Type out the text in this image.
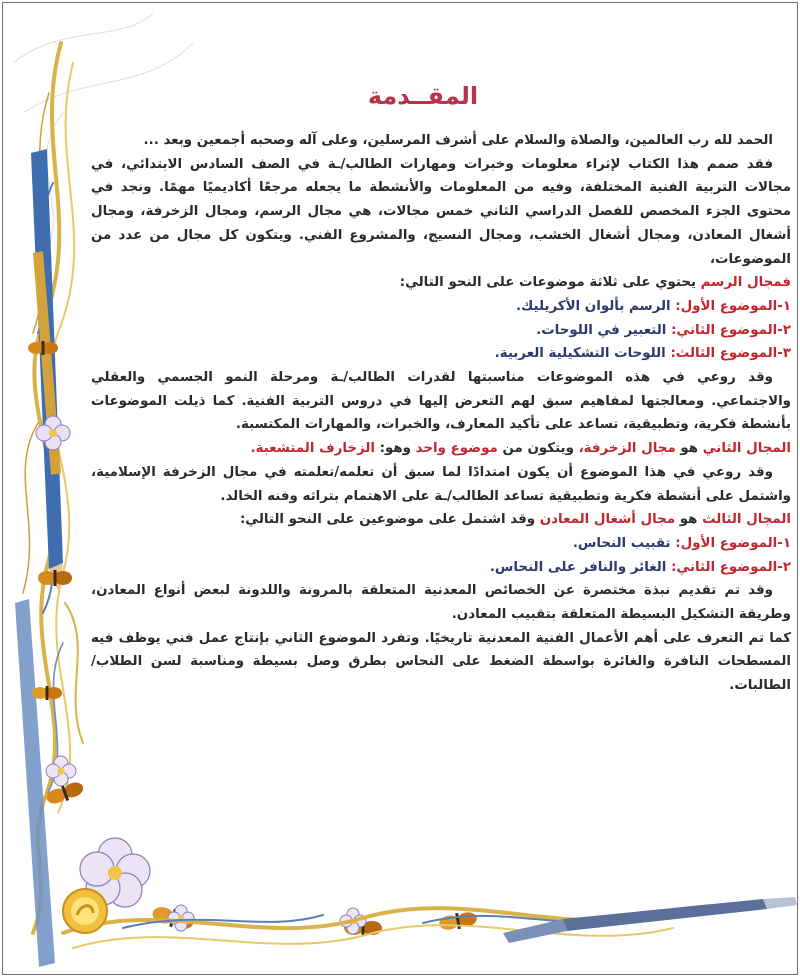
المقــدمة

الحمد لله رب العالمين، والصلاة والسلام على أشرف المرسلين، وعلى آله وصحبه أجمعين وبعد ...

فقد صمم هذا الكتاب لإثراء معلومات وخبرات ومهارات الطالب/ـة في الصف السادس الابتدائي، في مجالات التربية الفنية المختلفة، وفيه من المعلومات والأنشطة ما يجعله مرجعًا أكاديميًا مهمًا. ونجد في محتوى الجزء المخصص للفصل الدراسي الثاني خمس مجالات، هي مجال الرسم، ومجال الزخرفة، ومجال أشغال المعادن، ومجال أشغال الخشب، ومجال النسيج، والمشروع الفني. ويتكون كل مجال من عدد من الموضوعات،

فمجال الرسم يحتوي على ثلاثة موضوعات على النحو التالي:

١-الموضوع الأول: الرسم بألوان الأكريليك.

٢-الموضوع الثاني: التعبير في اللوحات.

٣-الموضوع الثالث: اللوحات التشكيلية العربية.

وقد روعي في هذه الموضوعات مناسبتها لقدرات الطالب/ـة ومرحلة النمو الجسمي والعقلي والاجتماعي. ومعالجتها لمفاهيم سبق لهم التعرض إليها في دروس التربية الفنية. كما ذيلت الموضوعات بأنشطة فكرية، وتطبيقية، تساعد على تأكيد المعارف، والخبرات، والمهارات المكتسبة.

المجال الثاني هو مجال الزخرفة، ويتكون من موضوع واحد وهو: الزخارف المتشعبة.

وقد روعي في هذا الموضوع أن يكون امتدادًا لما سبق أن تعلمه/تعلمته في مجال الزخرفة الإسلامية، واشتمل على أنشطة فكرية وتطبيقية تساعد الطالب/ـة على الاهتمام بتراثه وفنه الخالد.

المجال الثالث هو مجال أشغال المعادن وقد اشتمل على موضوعين على النحو التالي:

١-الموضوع الأول: تقبيب النحاس.

٢-الموضوع الثاني: الغائر والنافر على النحاس.

وقد تم تقديم نبذة مختصرة عن الخصائص المعدنية المتعلقة بالمرونة واللدونة لبعض أنواع المعادن، وطريقة التشكيل البسيطة المتعلقة بتقبيب المعادن.

كما تم التعرف على أهم الأعمال الفنية المعدنية تاريخيًا. وتفرد الموضوع الثاني بإنتاج عمل فني يوظف فيه المسطحات النافرة والغائرة بواسطة الضغط على النحاس بطرق وصل بسيطة ومناسبة لسن الطلاب/ الطالبات.
